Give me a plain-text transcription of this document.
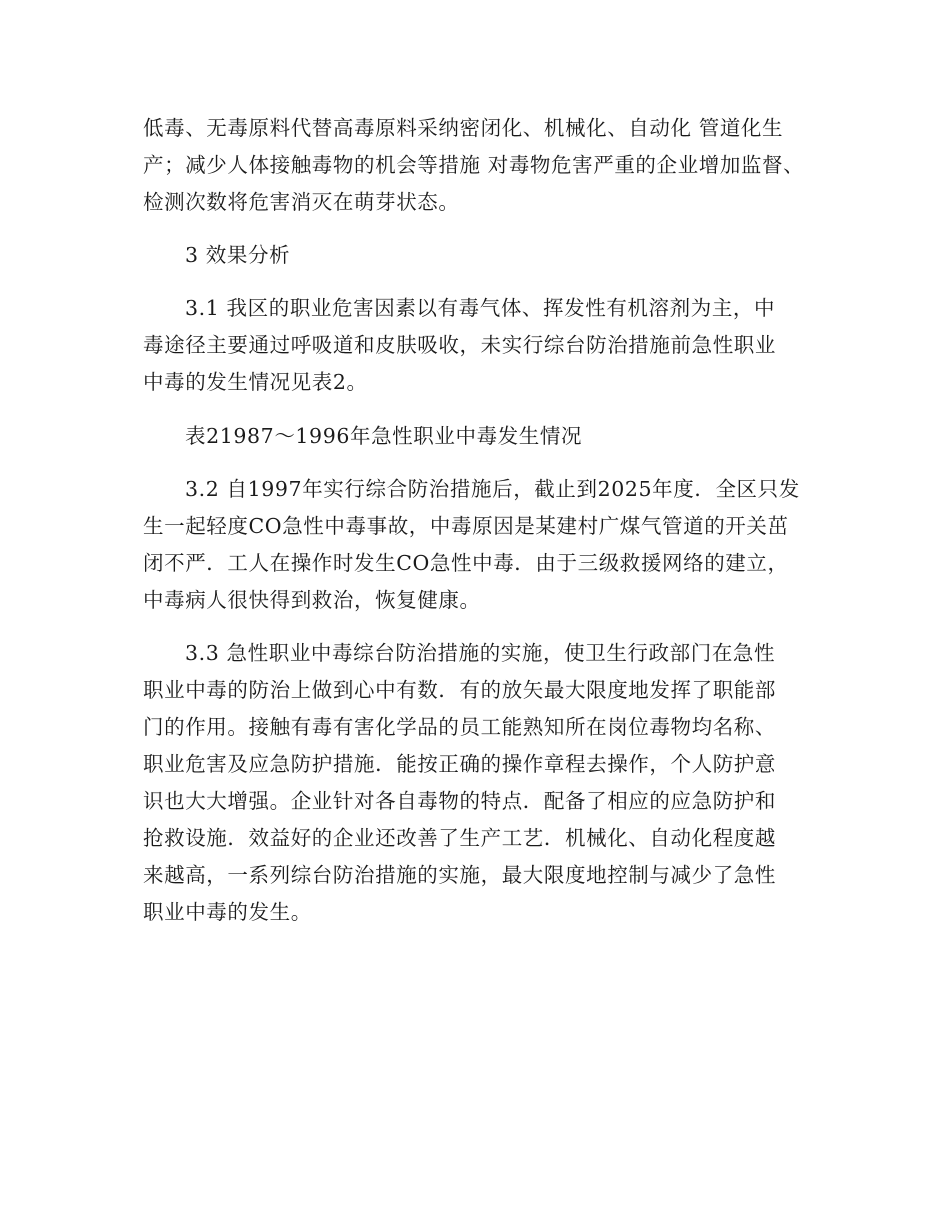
低毒、无毒原料代替高毒原料采纳密闭化、机械化、自动化 管道化生
产；减少人体接触毒物的机会等措施 对毒物危害严重的企业增加监督、
检测次数将危害消灭在萌芽状态。
3 效果分析
3.1 我区的职业危害因素以有毒气体、挥发性有机溶剂为主，中
毒途径主要通过呼吸道和皮肤吸收，未实行综台防治措施前急性职业
中毒的发生情况见表2。
表21987～1996年急性职业中毒发生情况
3.2 自1997年实行综合防治措施后，截止到2025年度．全区只发
生一起轻度CO急性中毒事故，中毒原因是某建村广煤气管道的开关茁
闭不严．工人在操作时发生CO急性中毒．由于三级救援网络的建立，
中毒病人很快得到救治，恢复健康。
3.3 急性职业中毒综台防治措施的实施，使卫生行政部门在急性
职业中毒的防治上做到心中有数．有的放矢最大限度地发挥了职能部
门的作用。接触有毒有害化学品的员工能熟知所在岗位毒物均名称、
职业危害及应急防护措施．能按正确的操作章程去操作，个人防护意
识也大大增强。企业针对各自毒物的特点．配备了相应的应急防护和
抢救设施．效益好的企业还改善了生产工艺．机械化、自动化程度越
来越高，一系列综台防治措施的实施，最大限度地控制与减少了急性
职业中毒的发生。
